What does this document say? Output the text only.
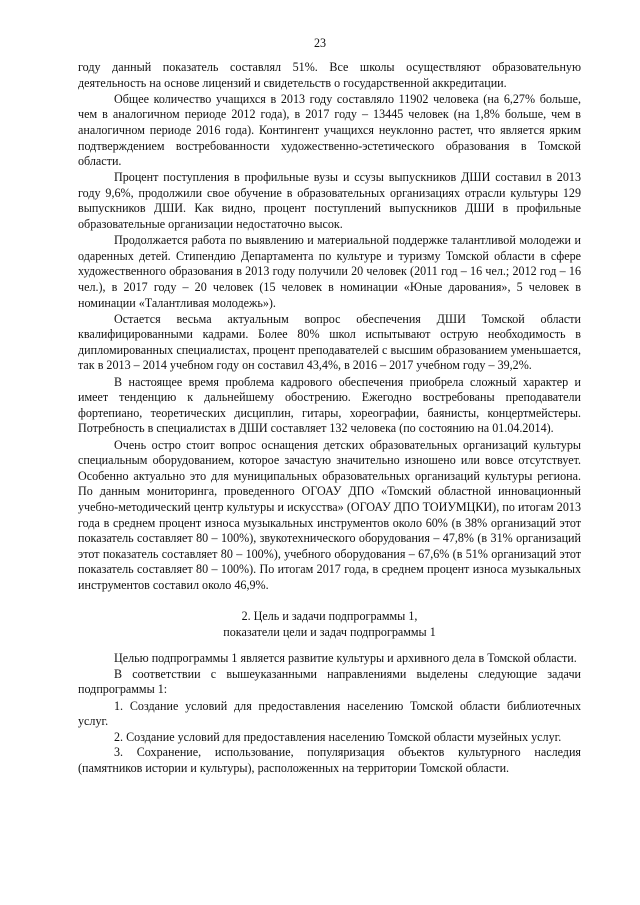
23

году данный показатель составлял 51%. Все школы осуществляют образовательную деятельность на основе лицензий и свидетельств о государственной аккредитации.

Общее количество учащихся в 2013 году составляло 11902 человека (на 6,27% больше, чем в аналогичном периоде 2012 года), в 2017 году – 13445 человек (на 1,8% больше, чем в аналогичном периоде 2016 года). Контингент учащихся неуклонно растет, что является ярким подтверждением востребованности художественно-эстетического образования в Томской области.

Процент поступления в профильные вузы и ссузы выпускников ДШИ составил в 2013 году 9,6%, продолжили свое обучение в образовательных организациях отрасли культуры 129 выпускников ДШИ. Как видно, процент поступлений выпускников ДШИ в профильные образовательные организации недостаточно высок.

Продолжается работа по выявлению и материальной поддержке талантливой молодежи и одаренных детей. Стипендию Департамента по культуре и туризму Томской области в сфере художественного образования в 2013 году получили 20 человек (2011 год – 16 чел.; 2012 год – 16 чел.), в 2017 году – 20 человек (15 человек в номинации «Юные дарования», 5 человек в номинации «Талантливая молодежь»).

Остается весьма актуальным вопрос обеспечения ДШИ Томской области квалифицированными кадрами. Более 80% школ испытывают острую необходимость в дипломированных специалистах, процент преподавателей с высшим образованием уменьшается, так в 2013 – 2014 учебном году он составил 43,4%, в 2016 – 2017 учебном году – 39,2%.

В настоящее время проблема кадрового обеспечения приобрела сложный характер и имеет тенденцию к дальнейшему обострению. Ежегодно востребованы преподаватели фортепиано, теоретических дисциплин, гитары, хореографии, баянисты, концертмейстеры. Потребность в специалистах в ДШИ составляет 132 человека (по состоянию на 01.04.2014).

Очень остро стоит вопрос оснащения детских образовательных организаций культуры специальным оборудованием, которое зачастую значительно изношено или вовсе отсутствует. Особенно актуально это для муниципальных образовательных организаций культуры региона. По данным мониторинга, проведенного ОГОАУ ДПО «Томский областной инновационный учебно-методический центр культуры и искусства» (ОГОАУ ДПО ТОИУМЦКИ), по итогам 2013 года в среднем процент износа музыкальных инструментов около 60% (в 38% организаций этот показатель составляет 80 – 100%), звукотехнического оборудования – 47,8% (в 31% организаций этот показатель составляет 80 – 100%), учебного оборудования – 67,6% (в 51% организаций этот показатель составляет 80 – 100%). По итогам 2017 года, в среднем процент износа музыкальных инструментов составил около 46,9%.

2. Цель и задачи подпрограммы 1,
показатели цели и задач подпрограммы 1

Целью подпрограммы 1 является развитие культуры и архивного дела в Томской области.

В соответствии с вышеуказанными направлениями выделены следующие задачи подпрограммы 1:

1. Создание условий для предоставления населению Томской области библиотечных услуг.

2. Создание условий для предоставления населению Томской области музейных услуг.

3. Сохранение, использование, популяризация объектов культурного наследия (памятников истории и культуры), расположенных на территории Томской области.
